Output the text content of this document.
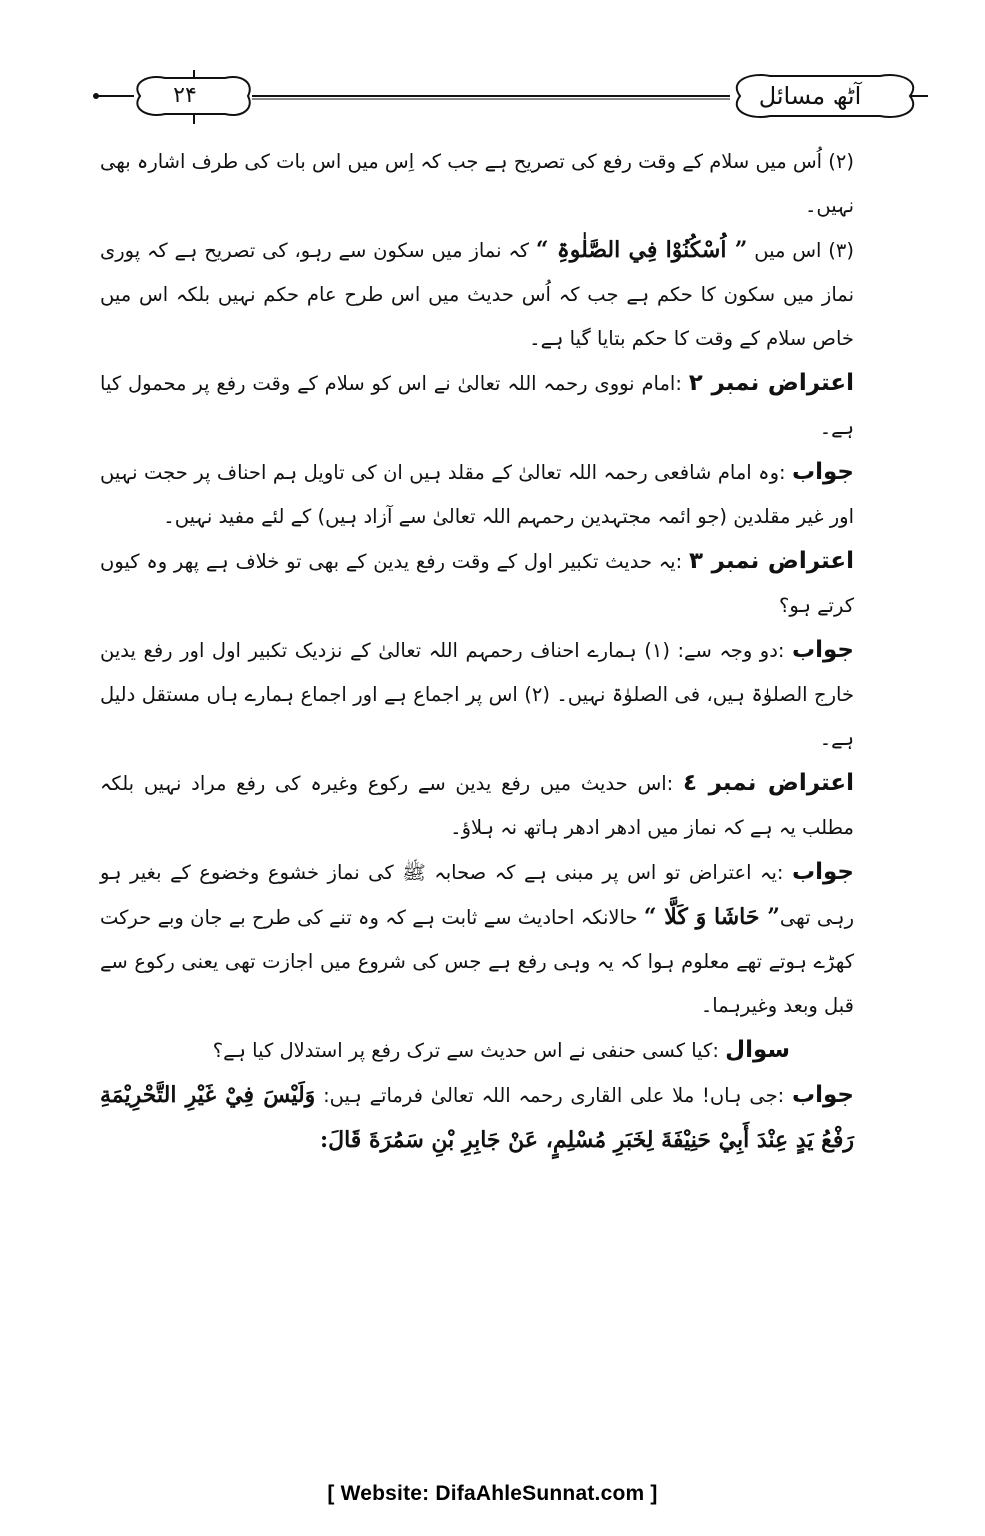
۲۴	آٹھ مسائل

(۲) اُس میں سلام کے وقت رفع کی تصریح ہے جب کہ اِس میں اس بات کی طرف اشارہ بھی نہیں۔

(۳) اس میں ” اُسْکُنُوْا فِي الصَّلٰوۃِ “ کہ نماز میں سکون سے رہو، کی تصریح ہے کہ پوری نماز میں سکون کا حکم ہے جب کہ اُس حدیث میں اس طرح عام حکم نہیں بلکہ اس میں خاص سلام کے وقت کا حکم بتایا گیا ہے۔

اعتراض نمبر ۲ :امام نووی رحمہ اللہ تعالیٰ نے اس کو سلام کے وقت رفع پر محمول کیا ہے۔

جواب :وہ امام شافعی رحمہ اللہ تعالیٰ کے مقلد ہیں ان کی تاویل ہم احناف پر حجت نہیں اور غیر مقلدین (جو ائمہ مجتہدین رحمہم اللہ تعالیٰ سے آزاد ہیں) کے لئے مفید نہیں۔

اعتراض نمبر ۳ :یہ حدیث تکبیر اول کے وقت رفع یدین کے بھی تو خلاف ہے پھر وہ کیوں کرتے ہو؟

جواب :دو وجہ سے: (۱) ہمارے احناف رحمہم اللہ تعالیٰ کے نزدیک تکبیر اول اور رفع یدین خارج الصلوٰۃ ہیں، فی الصلوٰۃ نہیں۔ (۲) اس پر اجماع ہے اور اجماع ہمارے ہاں مستقل دلیل ہے۔

اعتراض نمبر ٤ :اس حدیث میں رفع یدین سے رکوع وغیرہ کی رفع مراد نہیں بلکہ مطلب یہ ہے کہ نماز میں ادھر ادھر ہاتھ نہ ہلاؤ۔

جواب :یہ اعتراض تو اس پر مبنی ہے کہ صحابہ ﷺ کی نماز خشوع وخضوع کے بغیر ہو رہی تھی” حَاشَا وَ کَلَّا “ حالانکہ احادیث سے ثابت ہے کہ وہ تنے کی طرح بے جان وبے حرکت کھڑے ہوتے تھے معلوم ہوا کہ یہ وہی رفع ہے جس کی شروع میں اجازت تھی یعنی رکوع سے قبل وبعد وغیرہما۔

سوال :کیا کسی حنفی نے اس حدیث سے ترک رفع پر استدلال کیا ہے؟

جواب :جی ہاں! ملا علی القاری رحمہ اللہ تعالیٰ فرماتے ہیں: وَلَيْسَ فِيْ غَيْرِ التَّحْرِيْمَةِ رَفْعُ يَدٍ عِنْدَ أَبِيْ حَنِيْفَةَ لِخَبَرِ مُسْلِمٍ، عَنْ جَابِرِ بْنِ سَمُرَةَ قَالَ:

[ Website: DifaAhleSunnat.com ]
